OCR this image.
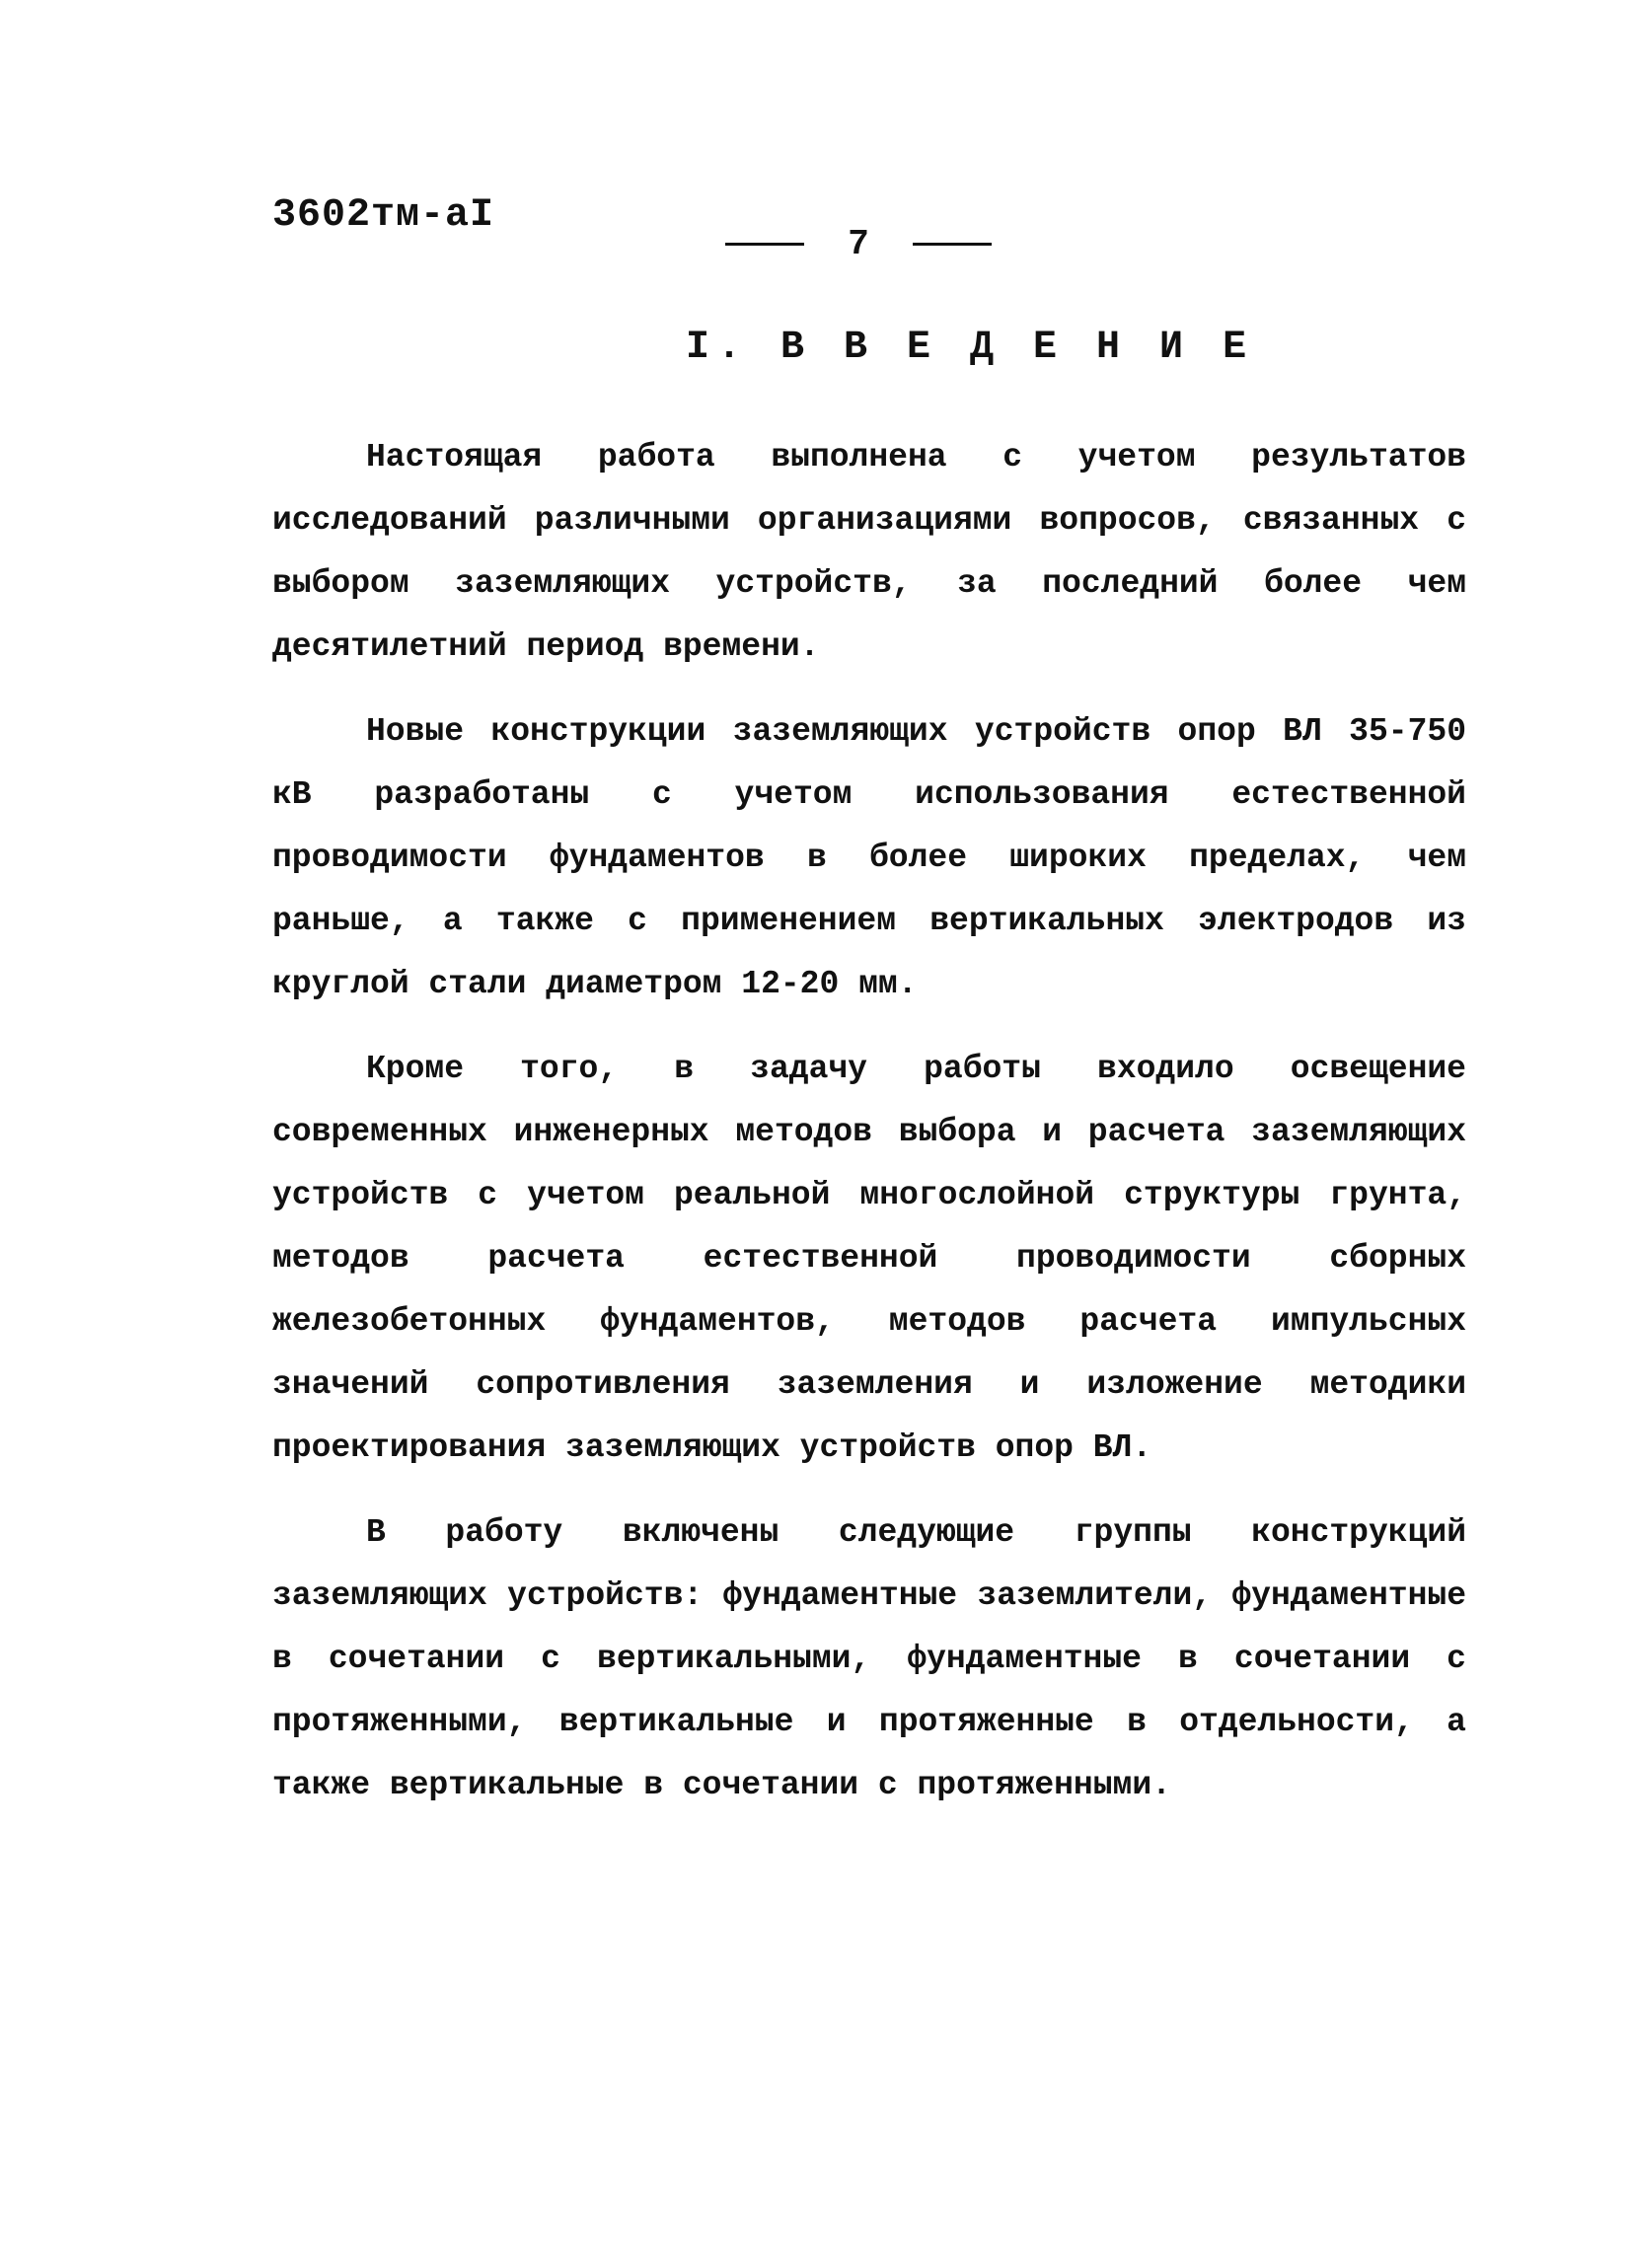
3602тм-аI
7
I. В В Е Д Е Н И Е

Настоящая работа выполнена с учетом результатов исследований различными организациями вопросов, связанных с выбором заземляющих устройств, за последний более чем десятилетний период времени.

Новые конструкции заземляющих устройств опор ВЛ 35-750 кВ разработаны с учетом использования естественной проводимости фундаментов в более широких пределах, чем раньше, а также с применением вертикальных электродов из круглой стали диаметром 12-20 мм.

Кроме того, в задачу работы входило освещение современных инженерных методов выбора и расчета заземляющих устройств с учетом реальной многослойной структуры грунта, методов расчета естественной проводимости сборных железобетонных фундаментов, методов расчета импульсных значений сопротивления заземления и изложение методики проектирования заземляющих устройств опор ВЛ.

В работу включены следующие группы конструкций заземляющих устройств: фундаментные заземлители, фундаментные в сочетании с вертикальными, фундаментные в сочетании с протяженными, вертикальные и протяженные в отдельности, а также вертикальные в сочетании с протяженными.
